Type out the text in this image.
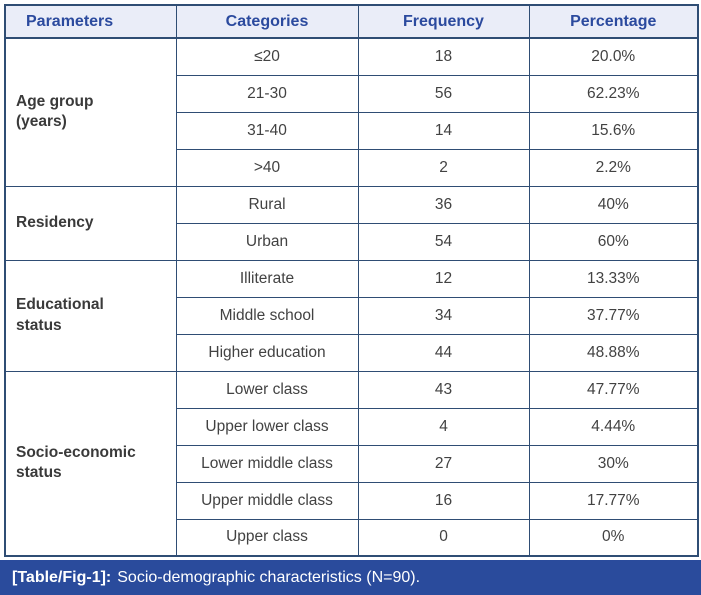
Parameters	Categories	Frequency	Percentage

Age group
(years)	≤20	18	20.0%
	21-30	56	62.23%
	31-40	14	15.6%
	>40	2	2.2%

Residency	Rural	36	40%
	Urban	54	60%

Educational
status	Illiterate	12	13.33%
	Middle school	34	37.77%
	Higher education	44	48.88%

Socio-economic
status	Lower class	43	47.77%
	Upper lower class	4	4.44%
	Lower middle class	27	30%
	Upper middle class	16	17.77%
	Upper class	0	0%
[Table/Fig-1]: Socio-demographic characteristics (N=90).
